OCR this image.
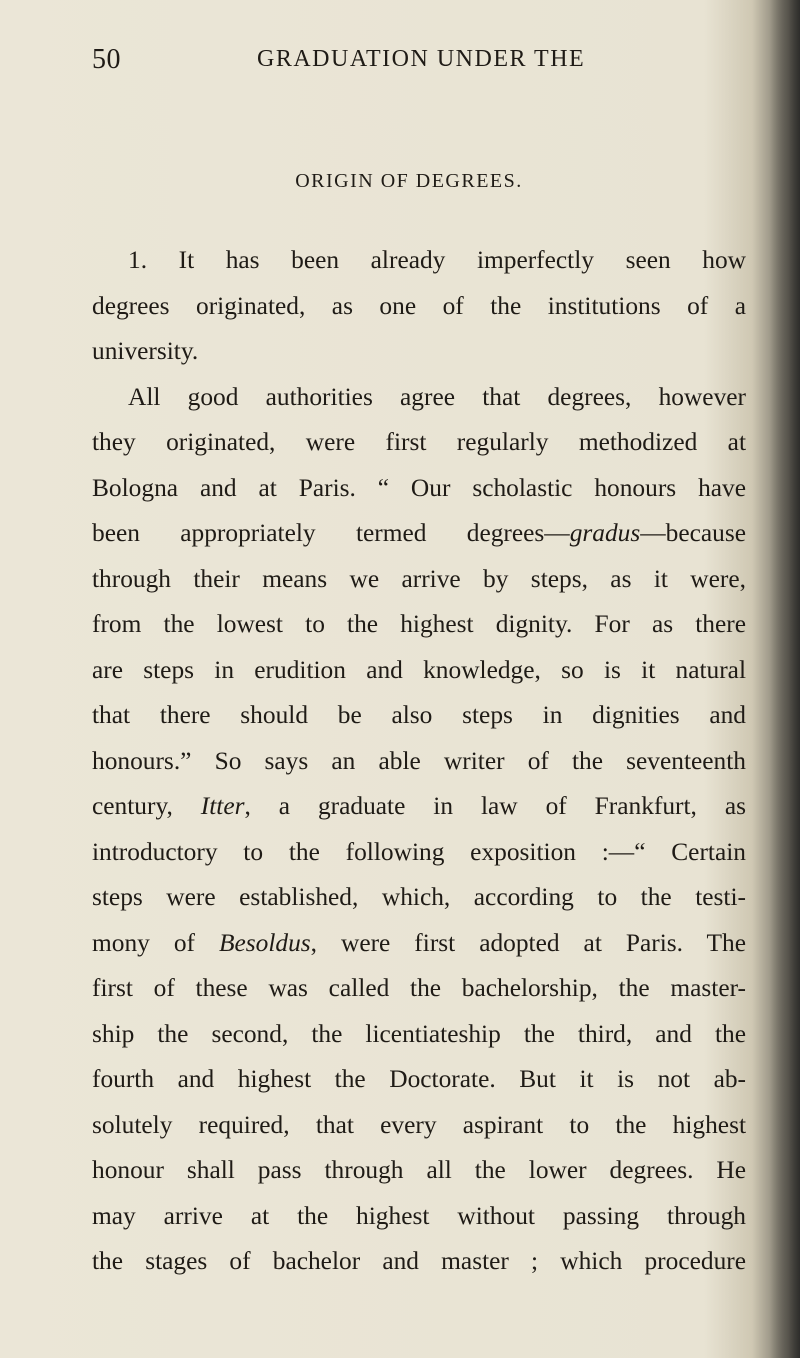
50	GRADUATION UNDER THE
ORIGIN OF DEGREES.
1. It has been already imperfectly seen how
degrees originated, as one of the institutions of a
university.
All good authorities agree that degrees, however
they originated, were first regularly methodized at
Bologna and at Paris. “ Our scholastic honours have
been appropriately termed degrees—gradus—because
through their means we arrive by steps, as it were,
from the lowest to the highest dignity. For as there
are steps in erudition and knowledge, so is it natural
that there should be also steps in dignities and
honours.” So says an able writer of the seventeenth
century, Itter, a graduate in law of Frankfurt, as
introductory to the following exposition :—“ Certain
steps were established, which, according to the testi-
mony of Besoldus, were first adopted at Paris. The
first of these was called the bachelorship, the master-
ship the second, the licentiateship the third, and the
fourth and highest the Doctorate. But it is not ab-
solutely required, that every aspirant to the highest
honour shall pass through all the lower degrees. He
may arrive at the highest without passing through
the stages of bachelor and master ; which procedure
